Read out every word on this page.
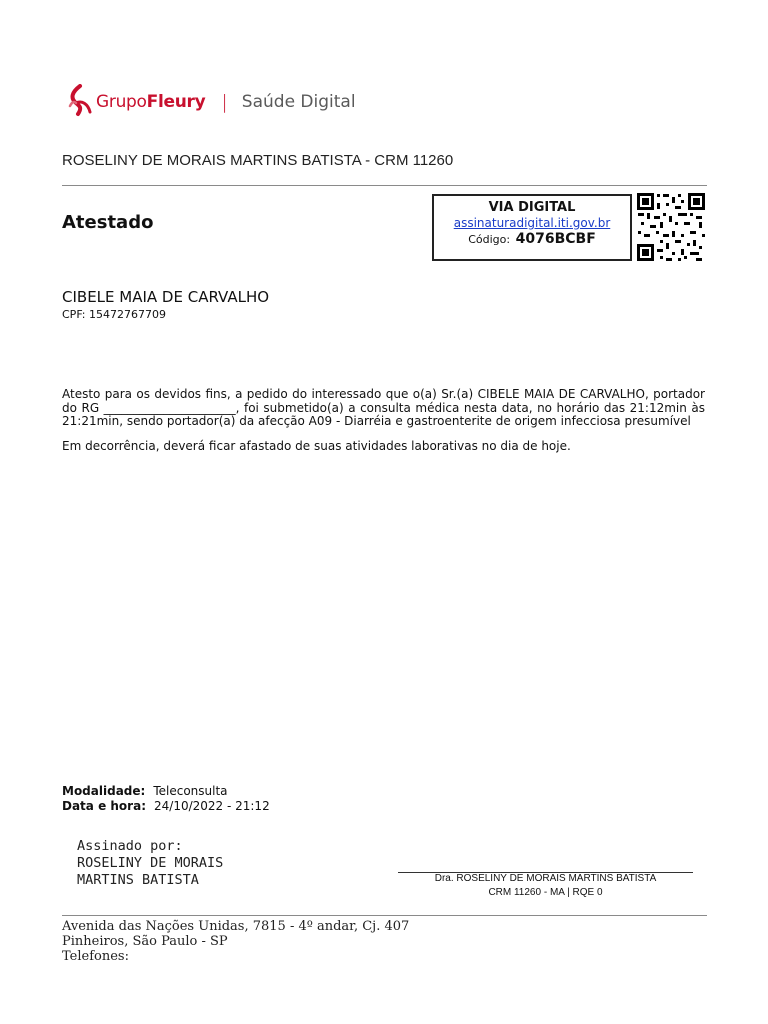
GrupoFleury | Saúde Digital
ROSELINY DE MORAIS MARTINS BATISTA - CRM 11260
Atestado
VIA DIGITAL
assinaturadigital.iti.gov.br
Código: 4076BCBF
CIBELE MAIA DE CARVALHO
CPF: 15472767709

Atesto para os devidos fins, a pedido do interessado que o(a) Sr.(a) CIBELE MAIA DE CARVALHO, portador do RG ______________________, foi submetido(a) a consulta médica nesta data, no horário das 21:12min às 21:21min, sendo portador(a) da afecção A09 - Diarréia e gastroenterite de origem infecciosa presumível

Em decorrência, deverá ficar afastado de suas atividades laborativas no dia de hoje.

Modalidade: Teleconsulta
Data e hora: 24/10/2022 - 21:12
Assinado por:
ROSELINY DE MORAIS
MARTINS BATISTA	Dra. ROSELINY DE MORAIS MARTINS BATISTA
CRM 11260 - MA | RQE 0
Avenida das Nações Unidas, 7815 - 4º andar, Cj. 407
Pinheiros, São Paulo - SP
Telefones:
